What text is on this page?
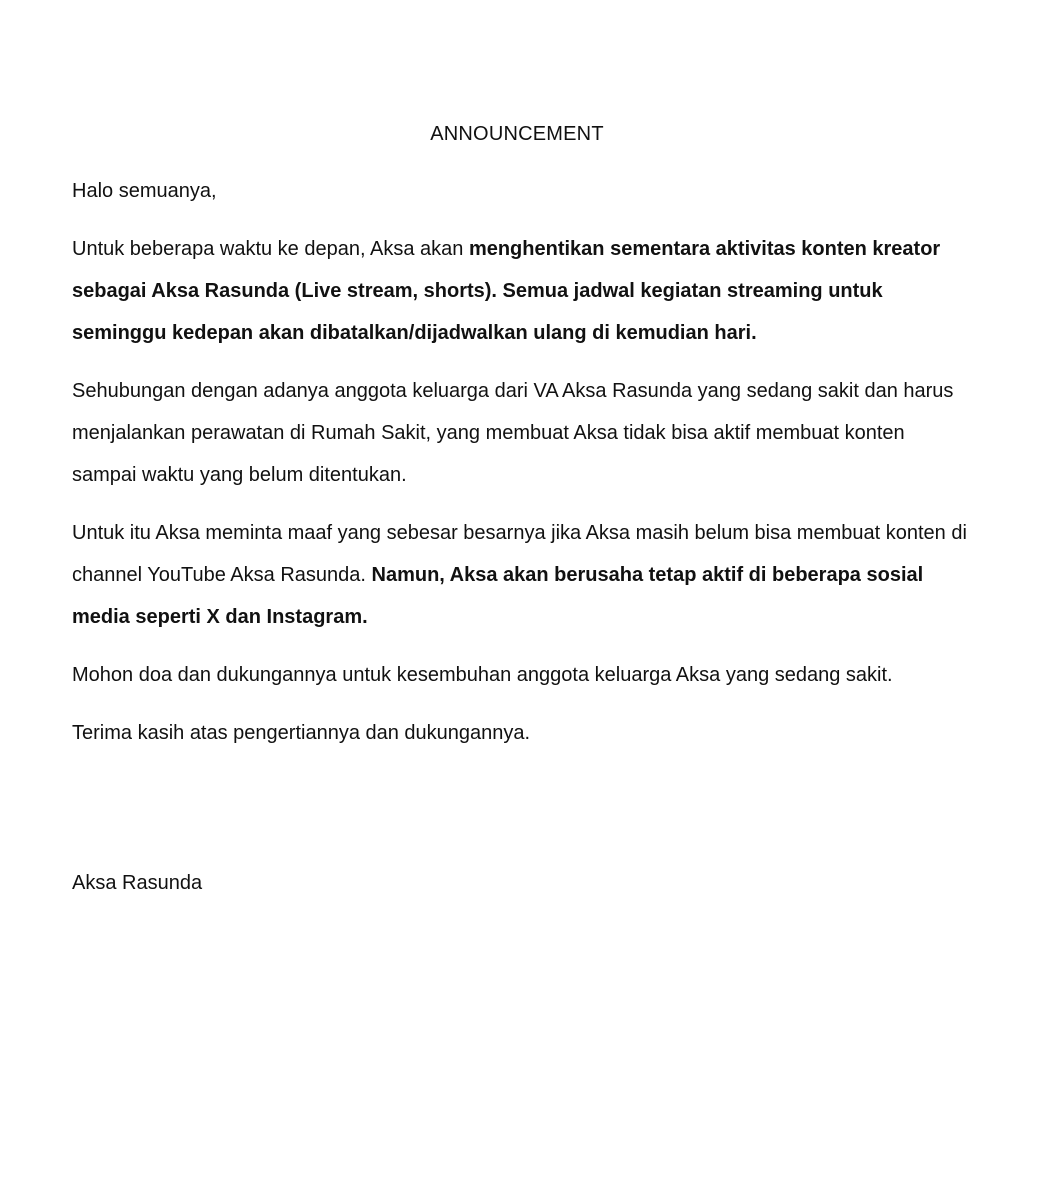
ANNOUNCEMENT

Halo semuanya,

Untuk beberapa waktu ke depan, Aksa akan menghentikan sementara aktivitas konten kreator sebagai Aksa Rasunda (Live stream, shorts). Semua jadwal kegiatan streaming untuk seminggu kedepan akan dibatalkan/dijadwalkan ulang di kemudian hari.

Sehubungan dengan adanya anggota keluarga dari VA Aksa Rasunda yang sedang sakit dan harus menjalankan perawatan di Rumah Sakit, yang membuat Aksa tidak bisa aktif membuat konten sampai waktu yang belum ditentukan.

Untuk itu Aksa meminta maaf yang sebesar besarnya jika Aksa masih belum bisa membuat konten di channel YouTube Aksa Rasunda. Namun, Aksa akan berusaha tetap aktif di beberapa sosial media seperti X dan Instagram.

Mohon doa dan dukungannya untuk kesembuhan anggota keluarga Aksa yang sedang sakit.

Terima kasih atas pengertiannya dan dukungannya.

Aksa Rasunda
